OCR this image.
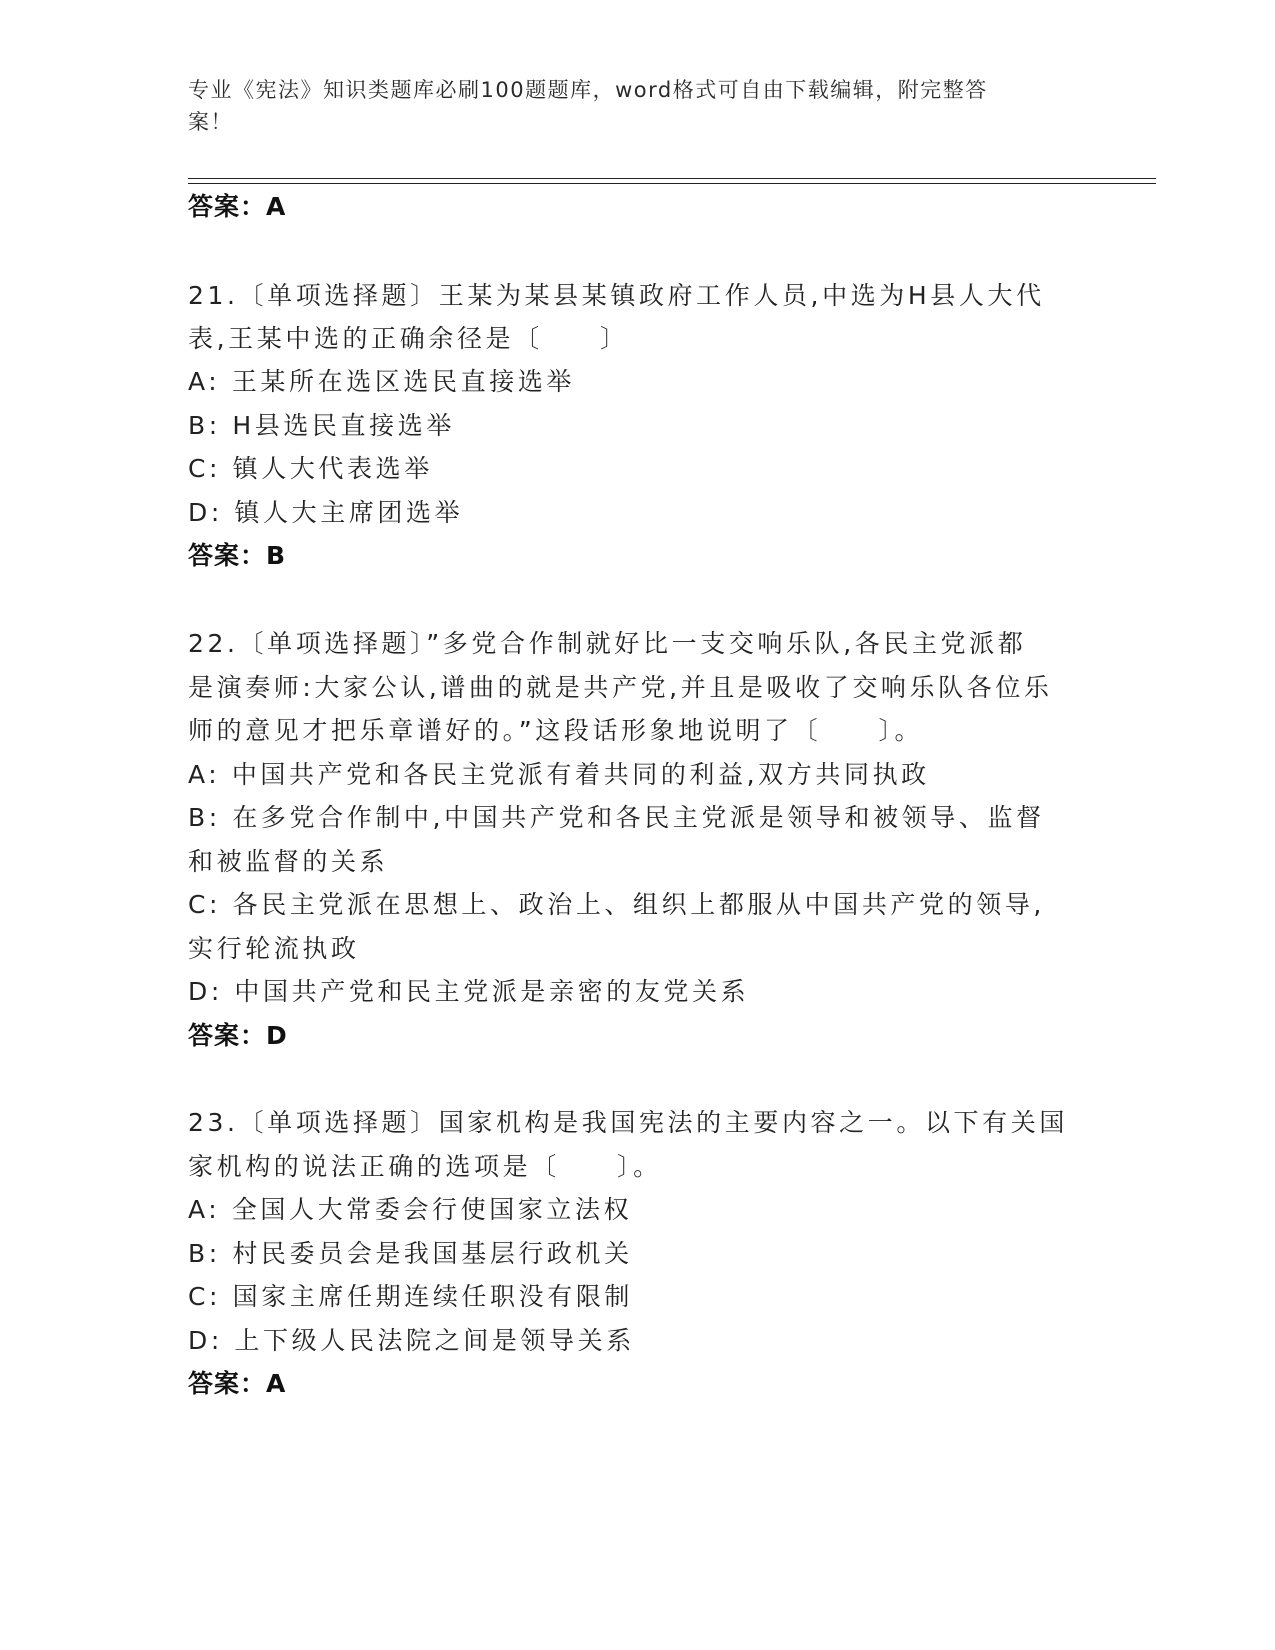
专业《宪法》知识类题库必刷100题题库，word格式可自由下载编辑，附完整答
案！
答案：A
21.〔单项选择题〕王某为某县某镇政府工作人员,中选为H县人大代
表,王某中选的正确余径是〔　　〕
A: 王某所在选区选民直接选举
B: H县选民直接选举
C: 镇人大代表选举
D: 镇人大主席团选举
答案：B
22.〔单项选择题〕”多党合作制就好比一支交响乐队,各民主党派都
是演奏师:大家公认,谱曲的就是共产党,并且是吸收了交响乐队各位乐
师的意见才把乐章谱好的。”这段话形象地说明了〔　　〕。
A: 中国共产党和各民主党派有着共同的利益,双方共同执政
B: 在多党合作制中,中国共产党和各民主党派是领导和被领导、监督
和被监督的关系
C: 各民主党派在思想上、政治上、组织上都服从中国共产党的领导,
实行轮流执政
D: 中国共产党和民主党派是亲密的友党关系
答案：D
23.〔单项选择题〕国家机构是我国宪法的主要内容之一。以下有关国
家机构的说法正确的选项是〔　　〕。
A: 全国人大常委会行使国家立法权
B: 村民委员会是我国基层行政机关
C: 国家主席任期连续任职没有限制
D: 上下级人民法院之间是领导关系
答案：A
